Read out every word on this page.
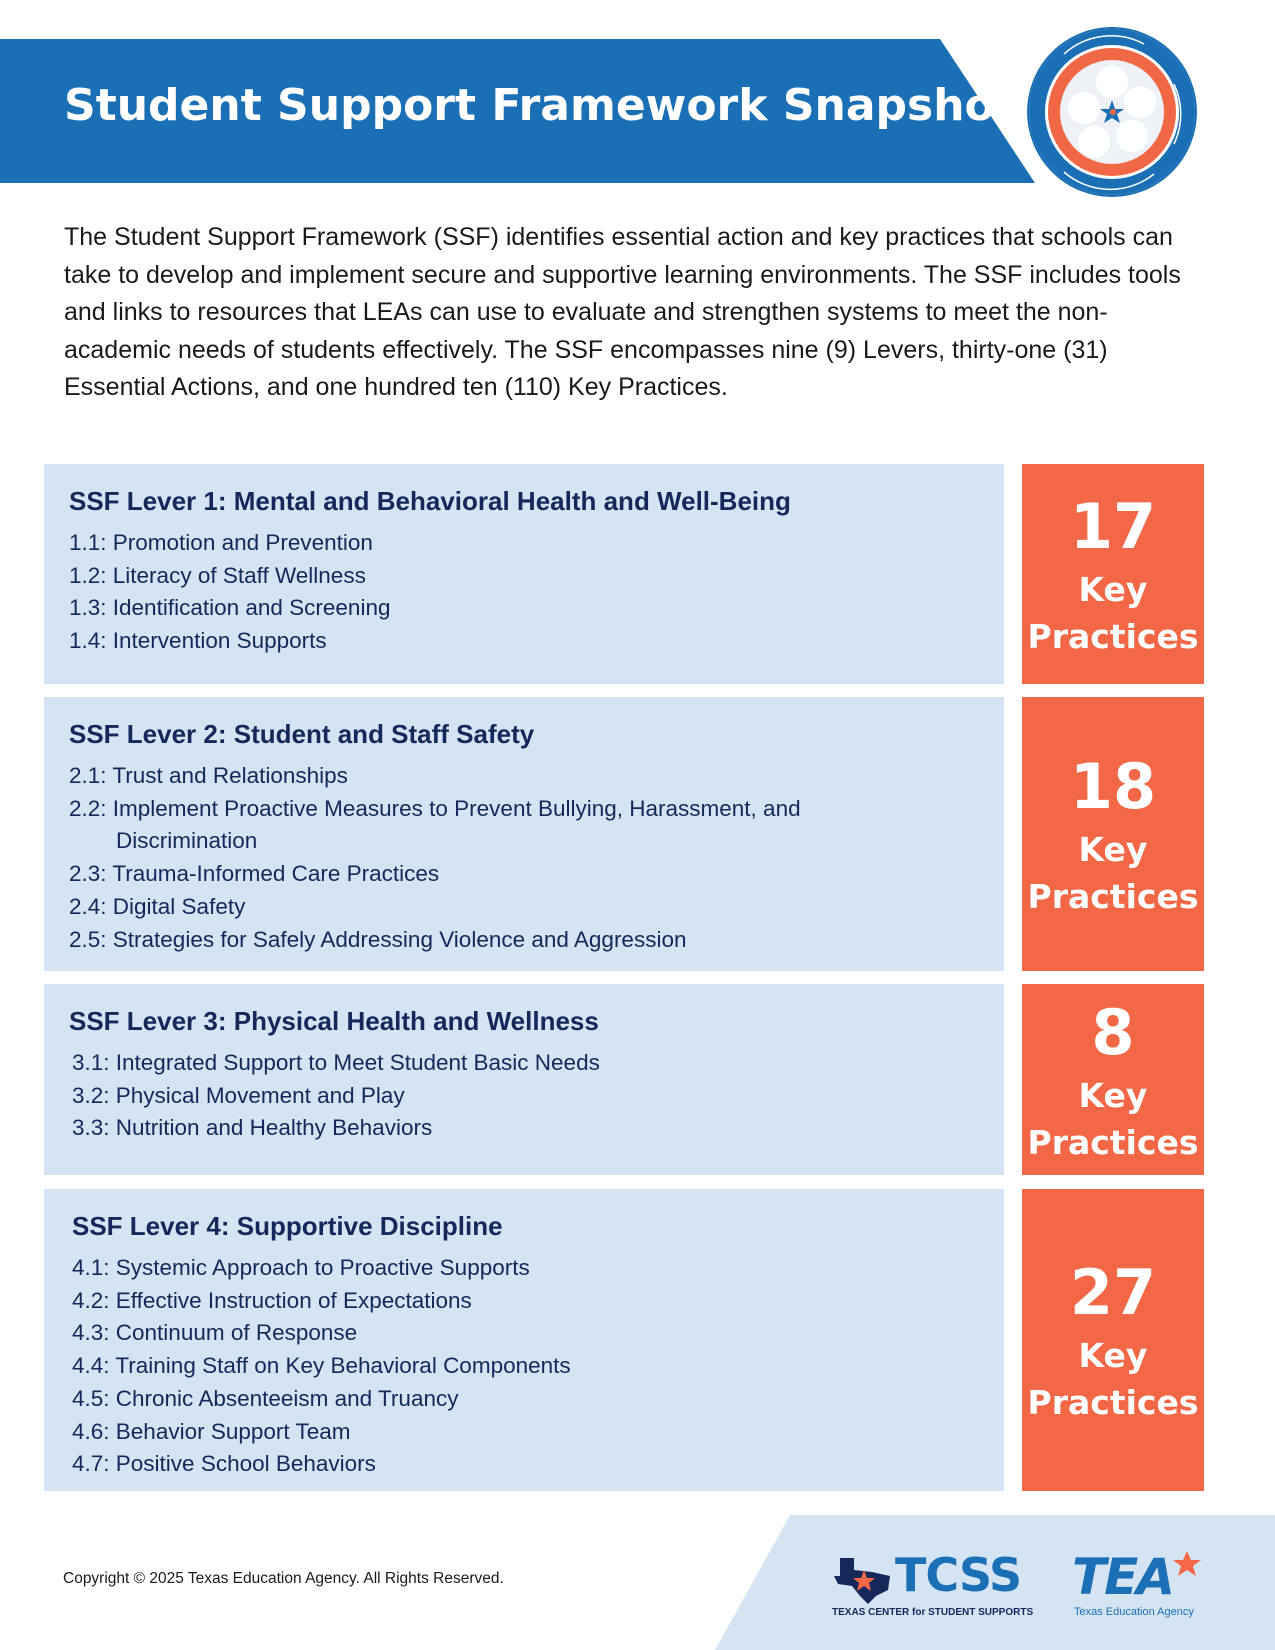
Student Support Framework Snapshot

The Student Support Framework (SSF) identifies essential action and key practices that schools can take to develop and implement secure and supportive learning environments. The SSF includes tools and links to resources that LEAs can use to evaluate and strengthen systems to meet the non-academic needs of students effectively. The SSF encompasses nine (9) Levers, thirty-one (31) Essential Actions, and one hundred ten (110) Key Practices.

SSF Lever 1: Mental and Behavioral Health and Well-Being
1.1: Promotion and Prevention
1.2: Literacy of Staff Wellness
1.3: Identification and Screening
1.4: Intervention Supports
17
Key
Practices
SSF Lever 2: Student and Staff Safety
2.1: Trust and Relationships
2.2: Implement Proactive Measures to Prevent Bullying, Harassment, and Discrimination
2.3: Trauma-Informed Care Practices
2.4: Digital Safety
2.5: Strategies for Safely Addressing Violence and Aggression
18
Key
Practices
SSF Lever 3: Physical Health and Wellness
3.1: Integrated Support to Meet Student Basic Needs
3.2: Physical Movement and Play
3.3: Nutrition and Healthy Behaviors
8
Key
Practices
SSF Lever 4: Supportive Discipline
4.1: Systemic Approach to Proactive Supports
4.2: Effective Instruction of Expectations
4.3: Continuum of Response
4.4: Training Staff on Key Behavioral Components
4.5: Chronic Absenteeism and Truancy
4.6: Behavior Support Team
4.7: Positive School Behaviors
27
Key
Practices
Copyright © 2025 Texas Education Agency. All Rights Reserved.	TCSS
TEXAS CENTER for STUDENT SUPPORTS
TEA
Texas Education Agency
